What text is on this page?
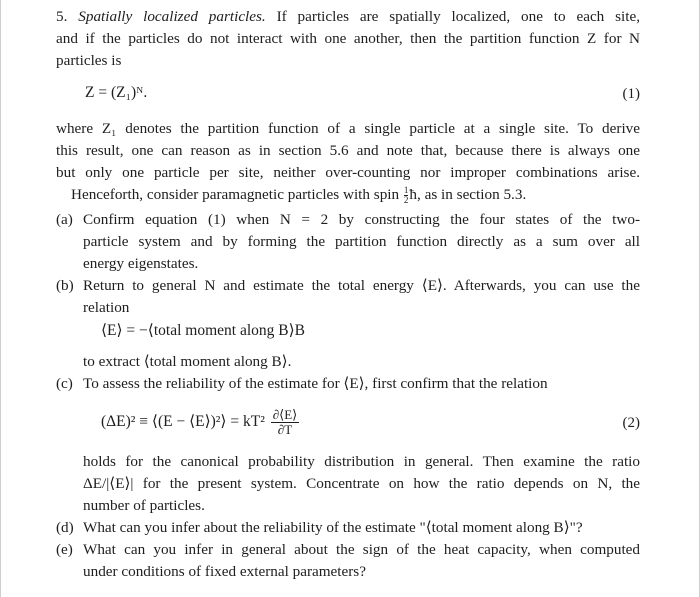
5. Spatially localized particles. If particles are spatially localized, one to each site,
and if the particles do not interact with one another, then the partition function Z for N
particles is
Z = (Z₁)ᴺ.	(1)
where Z₁ denotes the partition function of a single particle at a single site. To derive
this result, one can reason as in section 5.6 and note that, because there is always one
but only one particle per site, neither over-counting nor improper combinations arise.
Henceforth, consider paramagnetic particles with spin $\frac{1}{2}$ ħ, as in section 5.3.
(a) Confirm equation (1) when N = 2 by constructing the four states of the two-
particle system and by forming the partition function directly as a sum over all
energy eigenstates.
(b) Return to general N and estimate the total energy ⟨E⟩. Afterwards, you can use the
relation
⟨E⟩ = −⟨total moment along B⟩B
to extract ⟨total moment along B⟩.
(c) To assess the reliability of the estimate for ⟨E⟩, first confirm that the relation
(ΔE)² ≡ ⟨(E − ⟨E⟩)²⟩ = $kT^2 \frac{\partial⟨E⟩}{\partial T}$	(2)
holds for the canonical probability distribution in general. Then examine the ratio
ΔE/|⟨E⟩| for the present system. Concentrate on how the ratio depends on N, the
number of particles.
(d) What can you infer about the reliability of the estimate "⟨total moment along B⟩"?
(e) What can you infer in general about the sign of the heat capacity, when computed
under conditions of fixed external parameters?
